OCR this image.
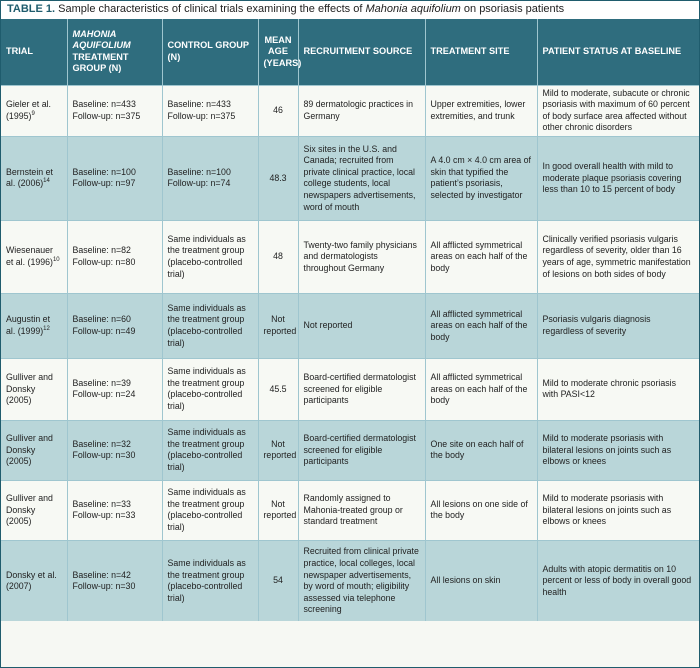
TABLE 1. Sample characteristics of clinical trials examining the effects of Mahonia aquifolium on psoriasis patients
TRIAL	MAHONIA AQUIFOLIUM
TREATMENT GROUP (N)	CONTROL GROUP (N)	MEAN AGE (YEARS)	RECRUITMENT SOURCE	TREATMENT SITE	PATIENT STATUS AT BASELINE
Gieler et al. $(1995)^9$	Baseline: n=433
Follow-up: n=375	Baseline: n=433
Follow-up: n=375	46	89 dermatologic practices in Germany	Upper extremities, lower extremities, and trunk	Mild to moderate, subacute or chronic psoriasis with maximum of 60 percent of body surface area affected without other chronic disorders
Bernstein et al. $(2006)^{14}$	Baseline: n=100
Follow-up: n=97	Baseline: n=100
Follow-up: n=74	48.3	Six sites in the U.S. and Canada; recruited from private clinical practice, local college students, local newspapers advertisements, word of mouth	A 4.0 cm × 4.0 cm area of skin that typified the patient’s psoriasis, selected by investigator	In good overall health with mild to moderate plaque psoriasis covering less than 10 to 15 percent of body
Wiesenauer et al. $(1996)^{10}$	Baseline: n=82
Follow-up: n=80	Same individuals as the treatment group (placebo-controlled trial)	48	Twenty-two family physicians and dermatologists throughout Germany	All afflicted symmetrical areas on each half of the body	Clinically verified psoriasis vulgaris regardless of severity, older than 16 years of age, symmetric manifestation of lesions on both sides of body
Augustin et al. $(1999)^{12}$	Baseline: n=60
Follow-up: n=49	Same individuals as the treatment group (placebo-controlled trial)	Not reported	Not reported	All afflicted symmetrical areas on each half of the body	Psoriasis vulgaris diagnosis regardless of severity
Gulliver and Donsky (2005)	Baseline: n=39
Follow-up: n=24	Same individuals as the treatment group (placebo-controlled trial)	45.5	Board-certified dermatologist screened for eligible participants	All afflicted symmetrical areas on each half of the body	Mild to moderate chronic psoriasis with PASI<12
Gulliver and Donsky (2005)	Baseline: n=32
Follow-up: n=30	Same individuals as the treatment group (placebo-controlled trial)	Not reported	Board-certified dermatologist screened for eligible participants	One site on each half of the body	Mild to moderate psoriasis with bilateral lesions on joints such as elbows or knees
Gulliver and Donsky (2005)	Baseline: n=33
Follow-up: n=33	Same individuals as the treatment group (placebo-controlled trial)	Not reported	Randomly assigned to Mahonia-treated group or standard treatment	All lesions on one side of the body	Mild to moderate psoriasis with bilateral lesions on joints such as elbows or knees
Donsky et al. (2007)	Baseline: n=42
Follow-up: n=30	Same individuals as the treatment group (placebo-controlled trial)	54	Recruited from clinical private practice, local colleges, local newspaper advertisements, by word of mouth; eligibility assessed via telephone screening	All lesions on skin	Adults with atopic dermatitis on 10 percent or less of body in overall good health
